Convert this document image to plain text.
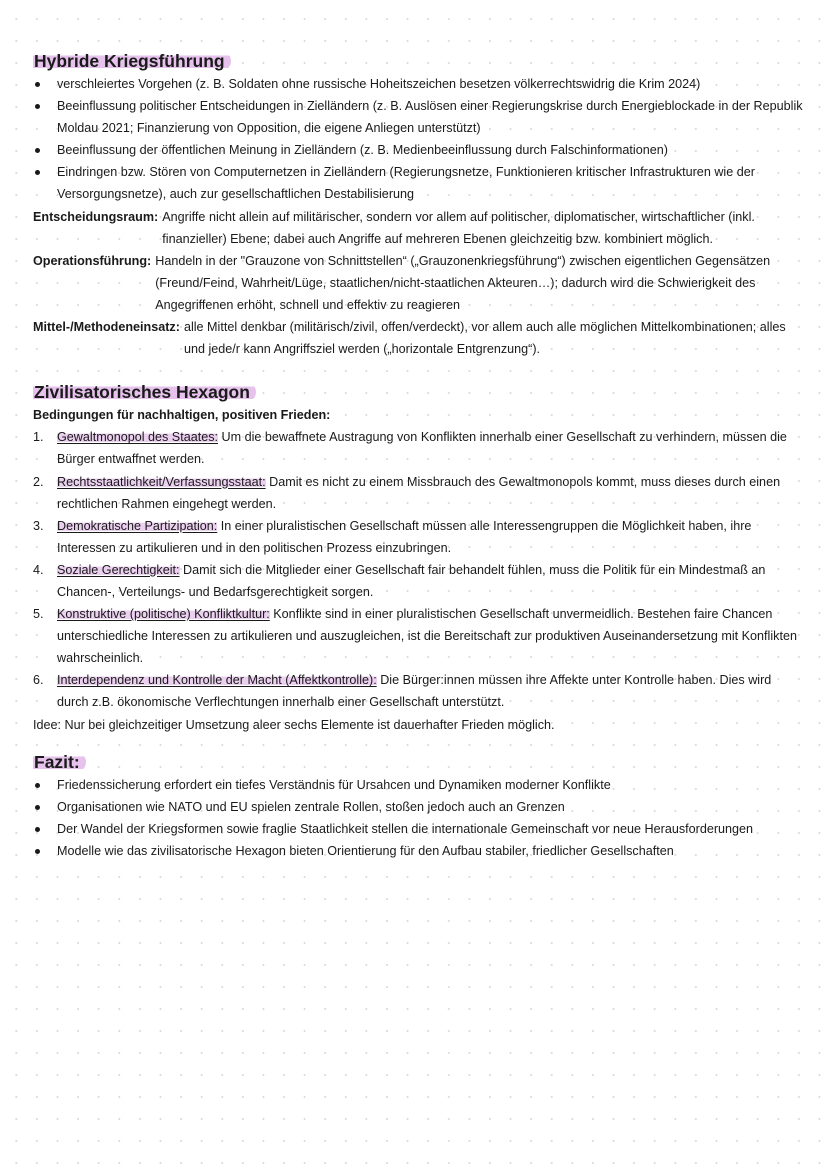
Hybride Kriegsführung
verschleiertes Vorgehen (z. B. Soldaten ohne russische Hoheitszeichen besetzen völkerrechtswidrig die Krim 2024)
Beeinflussung politischer Entscheidungen in Zielländern (z. B. Auslösen einer Regierungskrise durch Energieblockade in der Republik Moldau 2021; Finanzierung von Opposition, die eigene Anliegen unterstützt)
Beeinflussung der öffentlichen Meinung in Zielländern (z. B. Medienbeeinflussung durch Falschinformationen)
Eindringen bzw. Stören von Computernetzen in Zielländern (Regierungsnetze, Funktionieren kritischer Infrastrukturen wie der Versorgungsnetze), auch zur gesellschaftlichen Destabilisierung
Entscheidungsraum: Angriffe nicht allein auf militärischer, sondern vor allem auf politischer, diplomatischer, wirtschaftlicher (inkl. finanzieller) Ebene; dabei auch Angriffe auf mehreren Ebenen gleichzeitig bzw. kombiniert möglich.
Operationsführung: Handeln in der "Grauzone von Schnittstellen“ („Grauzonenkriegsführung“) zwischen eigentlichen Gegensätzen (Freund/Feind, Wahrheit/Lüge, staatlichen/nicht-staatlichen Akteuren…); dadurch wird die Schwierigkeit des Angegriffenen erhöht, schnell und effektiv zu reagieren
Mittel-/Methodeneinsatz: alle Mittel denkbar (militärisch/zivil, offen/verdeckt), vor allem auch alle möglichen Mittelkombinationen; alles und jede/r kann Angriffsziel werden („horizontale Entgrenzung“).
Zivilisatorisches Hexagon
Bedingungen für nachhaltigen, positiven Frieden:
1. Gewaltmonopol des Staates: Um die bewaffnete Austragung von Konflikten innerhalb einer Gesellschaft zu verhindern, müssen die Bürger entwaffnet werden.
2. Rechtsstaatlichkeit/Verfassungsstaat: Damit es nicht zu einem Missbrauch des Gewaltmonopols kommt, muss dieses durch einen rechtlichen Rahmen eingehegt werden.
3. Demokratische Partizipation: In einer pluralistischen Gesellschaft müssen alle Interessengruppen die Möglichkeit haben, ihre Interessen zu artikulieren und in den politischen Prozess einzubringen.
4. Soziale Gerechtigkeit: Damit sich die Mitglieder einer Gesellschaft fair behandelt fühlen, muss die Politik für ein Mindestmaß an Chancen-, Verteilungs- und Bedarfsgerechtigkeit sorgen.
5. Konstruktive (politische) Konfliktkultur: Konflikte sind in einer pluralistischen Gesellschaft unvermeidlich. Bestehen faire Chancen unterschiedliche Interessen zu artikulieren und auszugleichen, ist die Bereitschaft zur produktiven Auseinandersetzung mit Konflikten wahrscheinlich.
6. Interdependenz und Kontrolle der Macht (Affektkontrolle): Die Bürger:innen müssen ihre Affekte unter Kontrolle haben. Dies wird durch z.B. ökonomische Verflechtungen innerhalb einer Gesellschaft unterstützt.
Idee: Nur bei gleichzeitiger Umsetzung aleer sechs Elemente ist dauerhafter Frieden möglich.
Fazit:
Friedenssicherung erfordert ein tiefes Verständnis für Ursahcen und Dynamiken moderner Konflikte
Organisationen wie NATO und EU spielen zentrale Rollen, stoßen jedoch auch an Grenzen
Der Wandel der Kriegsformen sowie fraglie Staatlichkeit stellen die internationale Gemeinschaft vor neue Herausforderungen
Modelle wie das zivilisatorische Hexagon bieten Orientierung für den Aufbau stabiler, friedlicher Gesellschaften
